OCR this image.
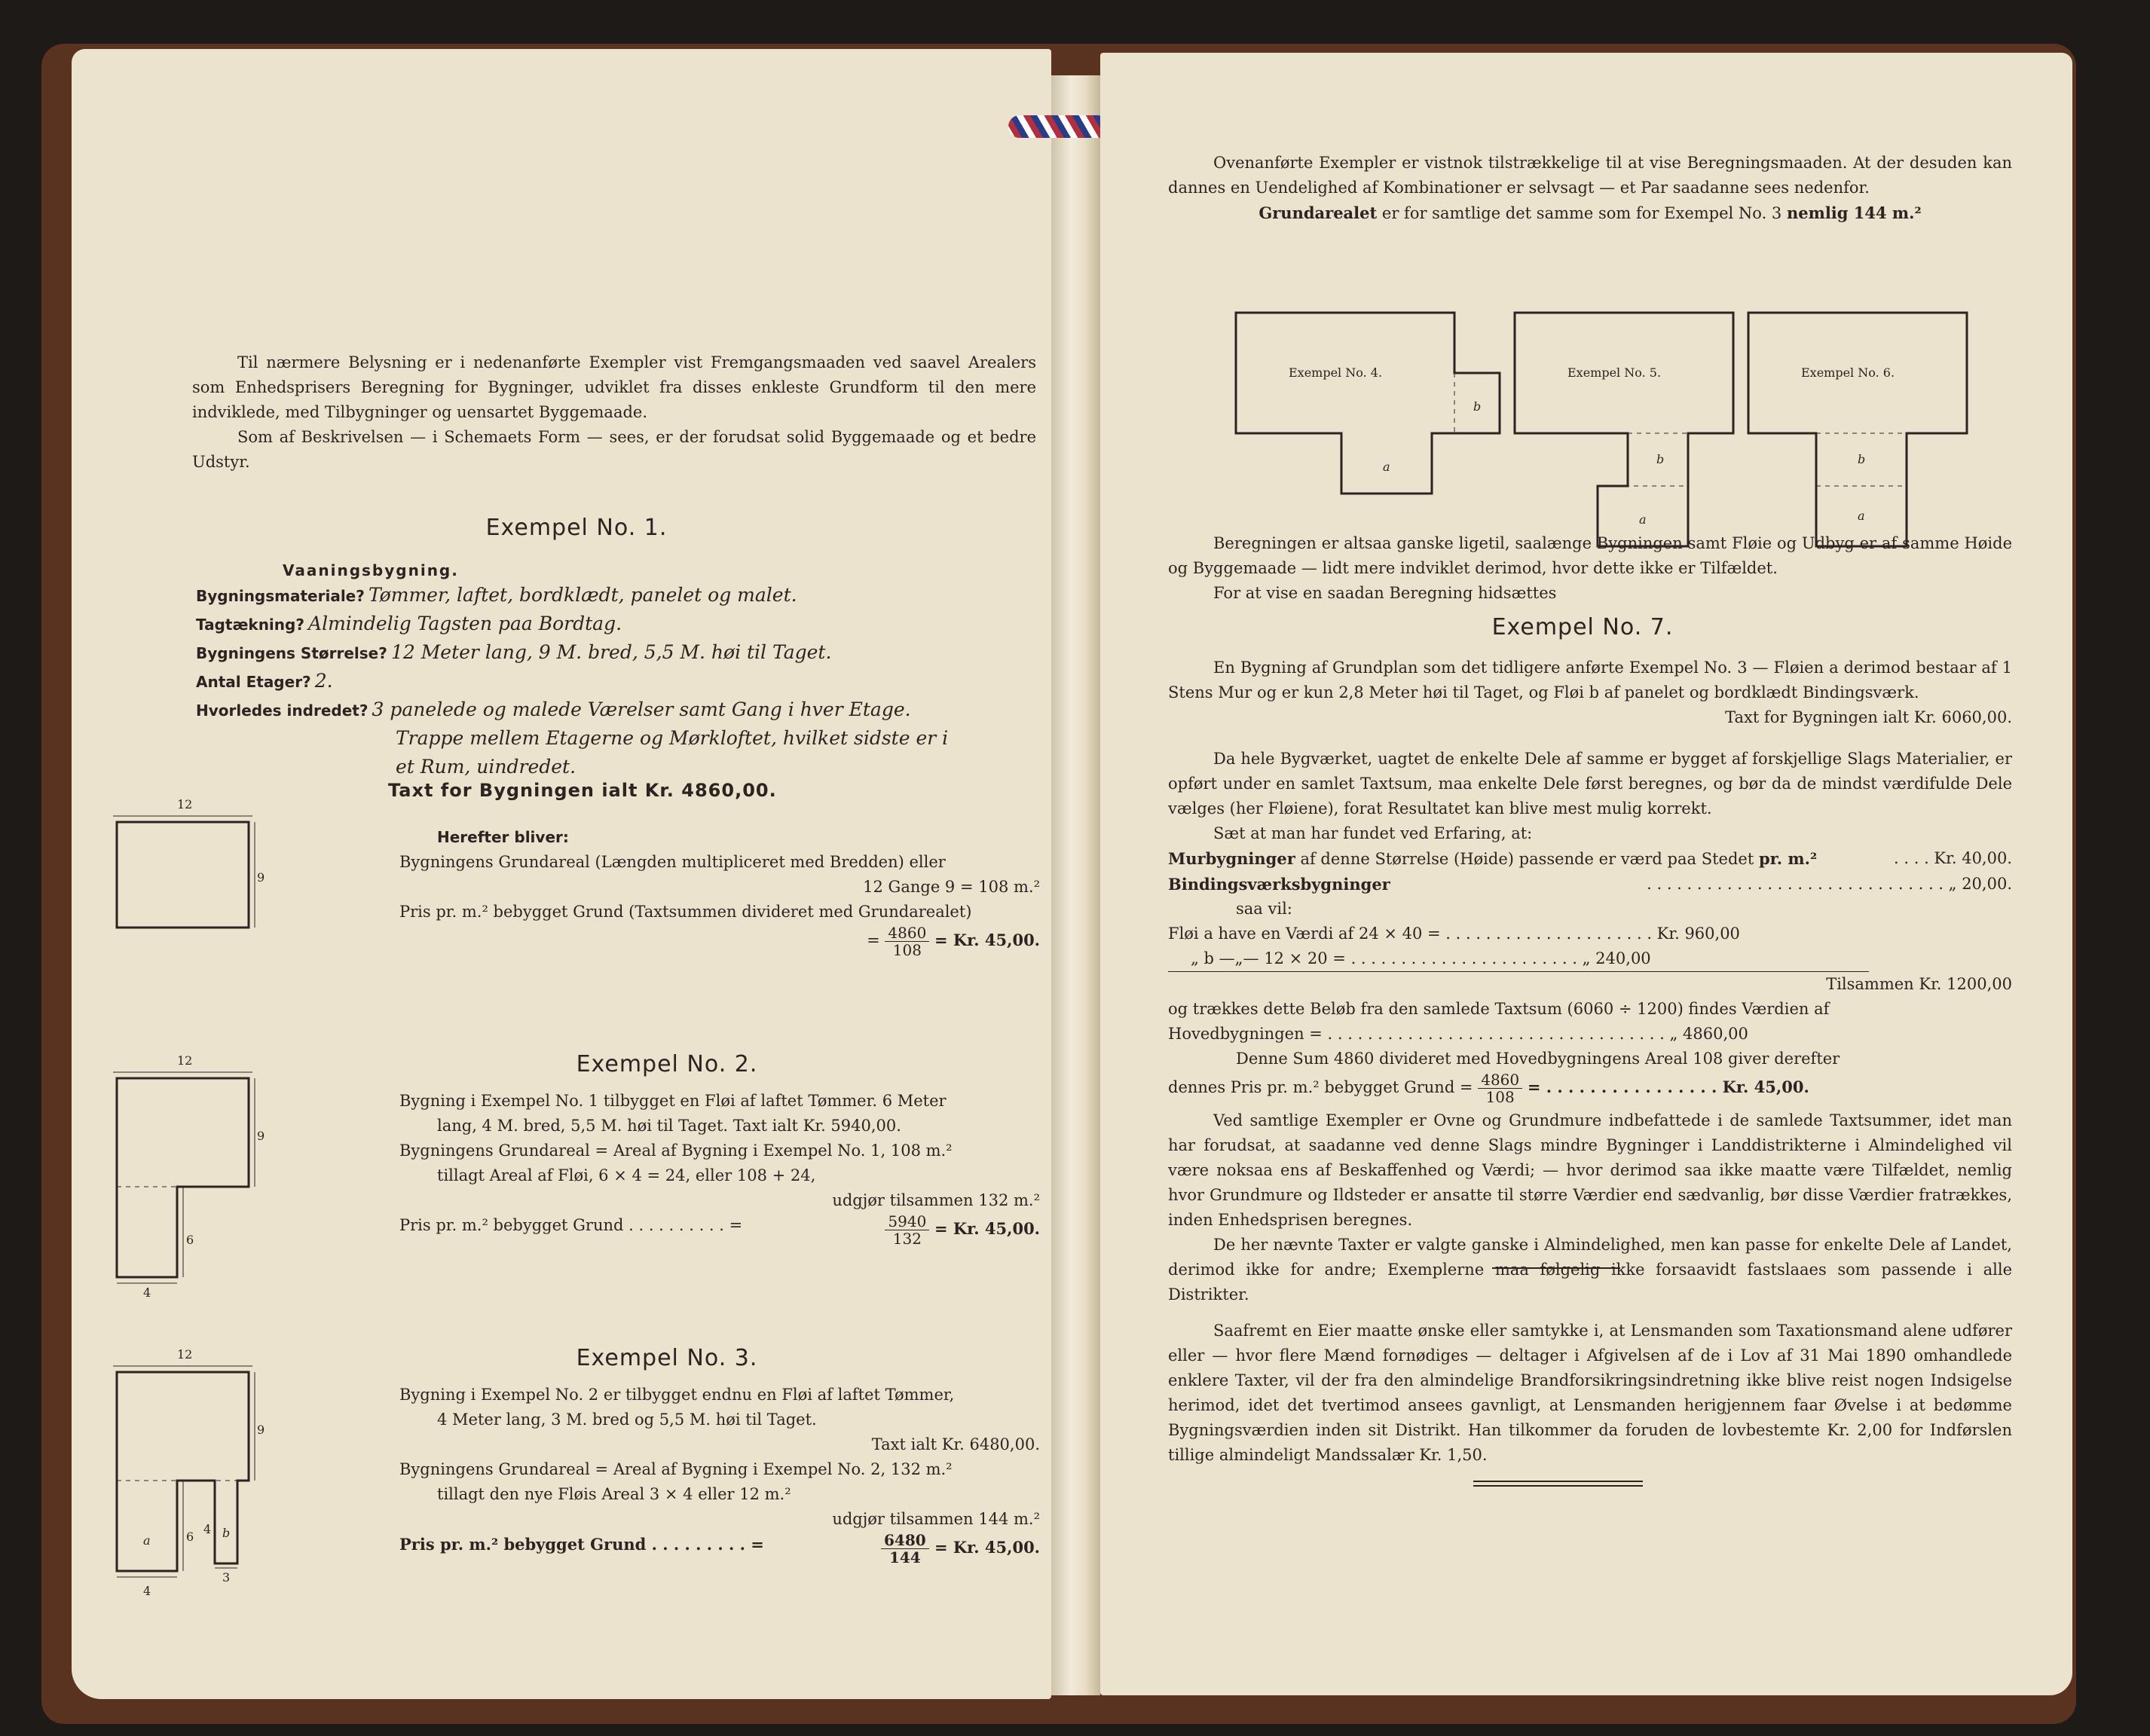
Til nærmere Belysning er i nedenanførte Exempler vist Fremgangsmaaden ved saavel Arealers som Enhedsprisers Beregning for Bygninger, udviklet fra disses enkleste Grundform til den mere indviklede, med Tilbygninger og uensartet Byggemaade.
Som af Beskrivelsen — i Schemaets Form — sees, er der forudsat solid Byggemaade og et bedre Udstyr.
Exempel No. 1.
Vaaningsbygning.
Bygningsmateriale? Tømmer, laftet, bordklædt, panelet og malet.
Tagtækning? Almindelig Tagsten paa Bordtag.
Bygningens Størrelse? 12 Meter lang, 9 M. bred, 5,5 M. høi til Taget.
Antal Etager? 2.
Hvorledes indredet? 3 panelede og malede Værelser samt Gang i hver Etage.
Trappe mellem Etagerne og Mørkloftet, hvilket sidste er i
et Rum, uindredet.
Taxt for Bygningen ialt Kr. 4860,00.
12
9
Herefter bliver:
Bygningens Grundareal (Længden multipliceret med Bredden) eller
12 Gange 9 = 108 m.²
Pris pr. m.² bebygget Grund (Taxtsummen divideret med Grundarealet)
= $\frac{4860}{108} = Kr$. 45,00.
Exempel No. 2.
12
9
6
4
Bygning i Exempel No. 1 tilbygget en Fløi af laftet Tømmer. 6 Meter
lang, 4 M. bred, 5,5 M. høi til Taget. Taxt ialt Kr. 5940,00.
Bygningens Grundareal = Areal af Bygning i Exempel No. 1, 108 m.²
tillagt Areal af Fløi, 6 × 4 = 24, eller 108 + 24,
udgjør tilsammen 132 m.²
Pris pr. m.² bebygget Grund . . . . . . . . . . =	$\frac{5940}{132} = Kr$. 45,00.
Exempel No. 3.
12
9
a
b
6
4
4
3
Bygning i Exempel No. 2 er tilbygget endnu en Fløi af laftet Tømmer,
4 Meter lang, 3 M. bred og 5,5 M. høi til Taget.
Taxt ialt Kr. 6480,00.
Bygningens Grundareal = Areal af Bygning i Exempel No. 2, 132 m.²
tillagt den nye Fløis Areal 3 × 4 eller 12 m.²
udgjør tilsammen 144 m.²
Pris pr. m.² bebygget Grund . . . . . . . . . =	$\frac{6480}{144} = Kr$. 45,00.
Ovenanførte Exempler er vistnok tilstrækkelige til at vise Beregningsmaaden. At der desuden kan dannes en Uendelighed af Kombinationer er selvsagt — et Par saadanne sees nedenfor.
Grundarealet er for samtlige det samme som for Exempel No. 3 nemlig 144 m.²
Exempel No. 4.
b
a
Exempel No. 5.
b
a
Exempel No. 6.
b
a
Beregningen er altsaa ganske ligetil, saalænge Bygningen samt Fløie og Udbyg er af samme Høide og Byggemaade — lidt mere indviklet derimod, hvor dette ikke er Tilfældet.
For at vise en saadan Beregning hidsættes
Exempel No. 7.
En Bygning af Grundplan som det tidligere anførte Exempel No. 3 — Fløien a derimod bestaar af 1 Stens Mur og er kun 2,8 Meter høi til Taget, og Fløi b af panelet og bordklædt Bindingsværk.
Taxt for Bygningen ialt Kr. 6060,00.
Da hele Bygværket, uagtet de enkelte Dele af samme er bygget af forskjellige Slags Materialier, er opført under en samlet Taxtsum, maa enkelte Dele først beregnes, og bør da de mindst værdifulde Dele vælges (her Fløiene), forat Resultatet kan blive mest mulig korrekt.
Sæt at man har fundet ved Erfaring, at:
Murbygninger af denne Størrelse (Høide) passende er værd paa Stedet pr. m.²	. . . . Kr. 40,00.
Bindingsværksbygninger	. . . . . . . . . . . . . . . . . . . . . . . . . . . . . . „ 20,00.
saa vil:
Fløi a have en Værdi af 24 × 40 = . . . . . . . . . . . . . . . . . . . . . Kr. 960,00
„ b —„— 12 × 20 = . . . . . . . . . . . . . . . . . . . . . . . „ 240,00
Tilsammen Kr. 1200,00
og trækkes dette Beløb fra den samlede Taxtsum (6060 ÷ 1200) findes Værdien af
Hovedbygningen = . . . . . . . . . . . . . . . . . . . . . . . . . . . . . . . . . . „ 4860,00
Denne Sum 4860 divideret med Hovedbygningens Areal 108 giver derefter
dennes Pris pr. m.² bebygget Grund = $\frac{4860}{108}$ = . . . . . . . . . . . . . . . . Kr. 45,00.
Ved samtlige Exempler er Ovne og Grundmure indbefattede i de samlede Taxtsummer, idet man har forudsat, at saadanne ved denne Slags mindre Bygninger i Landdistrikterne i Almindelighed vil være noksaa ens af Beskaffenhed og Værdi; — hvor derimod saa ikke maatte være Tilfældet, nemlig hvor Grundmure og Ildsteder er ansatte til større Værdier end sædvanlig, bør disse Værdier fratrækkes, inden Enhedsprisen beregnes.
De her nævnte Taxter er valgte ganske i Almindelighed, men kan passe for enkelte Dele af Landet, derimod ikke for andre; Exemplerne maa følgelig ikke forsaavidt fastslaaes som passende i alle Distrikter.
Saafremt en Eier maatte ønske eller samtykke i, at Lensmanden som Taxationsmand alene udfører eller — hvor flere Mænd fornødiges — deltager i Afgivelsen af de i Lov af 31 Mai 1890 omhandlede enklere Taxter, vil der fra den almindelige Brandforsikringsindretning ikke blive reist nogen Indsigelse herimod, idet det tvertimod ansees gavnligt, at Lensmanden herigjennem faar Øvelse i at bedømme Bygningsværdien inden sit Distrikt. Han tilkommer da foruden de lovbestemte Kr. 2,00 for Indførslen tillige almindeligt Mandssalær Kr. 1,50.
